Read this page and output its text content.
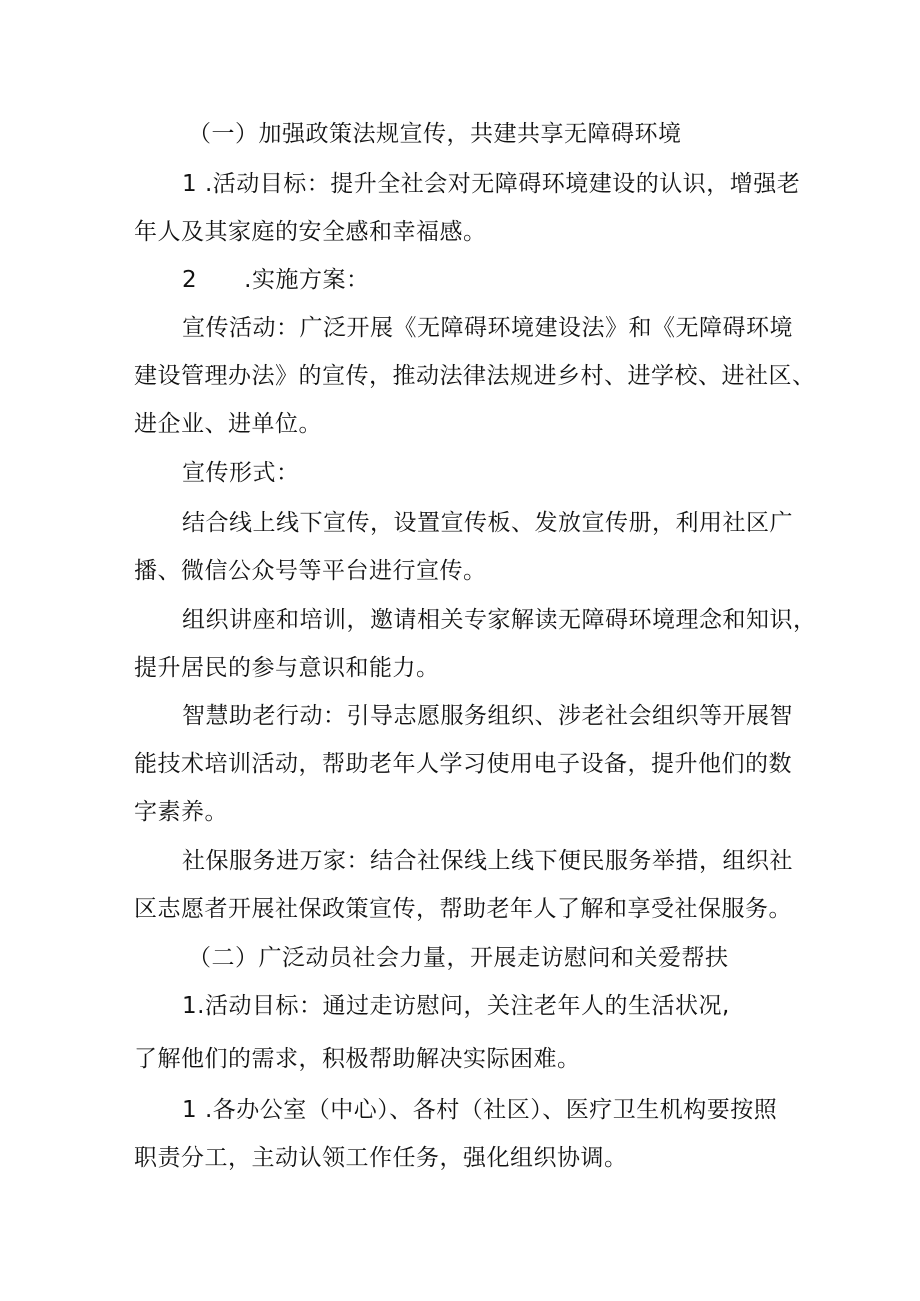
（一）加强政策法规宣传，共建共享无障碍环境
1 .活动目标：提升全社会对无障碍环境建设的认识，增强老
年人及其家庭的安全感和幸福感。
2　　.实施方案：
宣传活动：广泛开展《无障碍环境建设法》和《无障碍环境
建设管理办法》的宣传，推动法律法规进乡村、进学校、进社区、
进企业、进单位。
宣传形式：
结合线上线下宣传，设置宣传板、发放宣传册，利用社区广
播、微信公众号等平台进行宣传。
组织讲座和培训，邀请相关专家解读无障碍环境理念和知识，
提升居民的参与意识和能力。
智慧助老行动：引导志愿服务组织、涉老社会组织等开展智
能技术培训活动，帮助老年人学习使用电子设备，提升他们的数
字素养。
社保服务进万家：结合社保线上线下便民服务举措，组织社
区志愿者开展社保政策宣传，帮助老年人了解和享受社保服务。
（二）广泛动员社会力量，开展走访慰问和关爱帮扶
1.活动目标：通过走访慰问，关注老年人的生活状况,
了解他们的需求，积极帮助解决实际困难。
1 .各办公室（中心）、各村（社区）、医疗卫生机构要按照
职责分工，主动认领工作任务，强化组织协调。
